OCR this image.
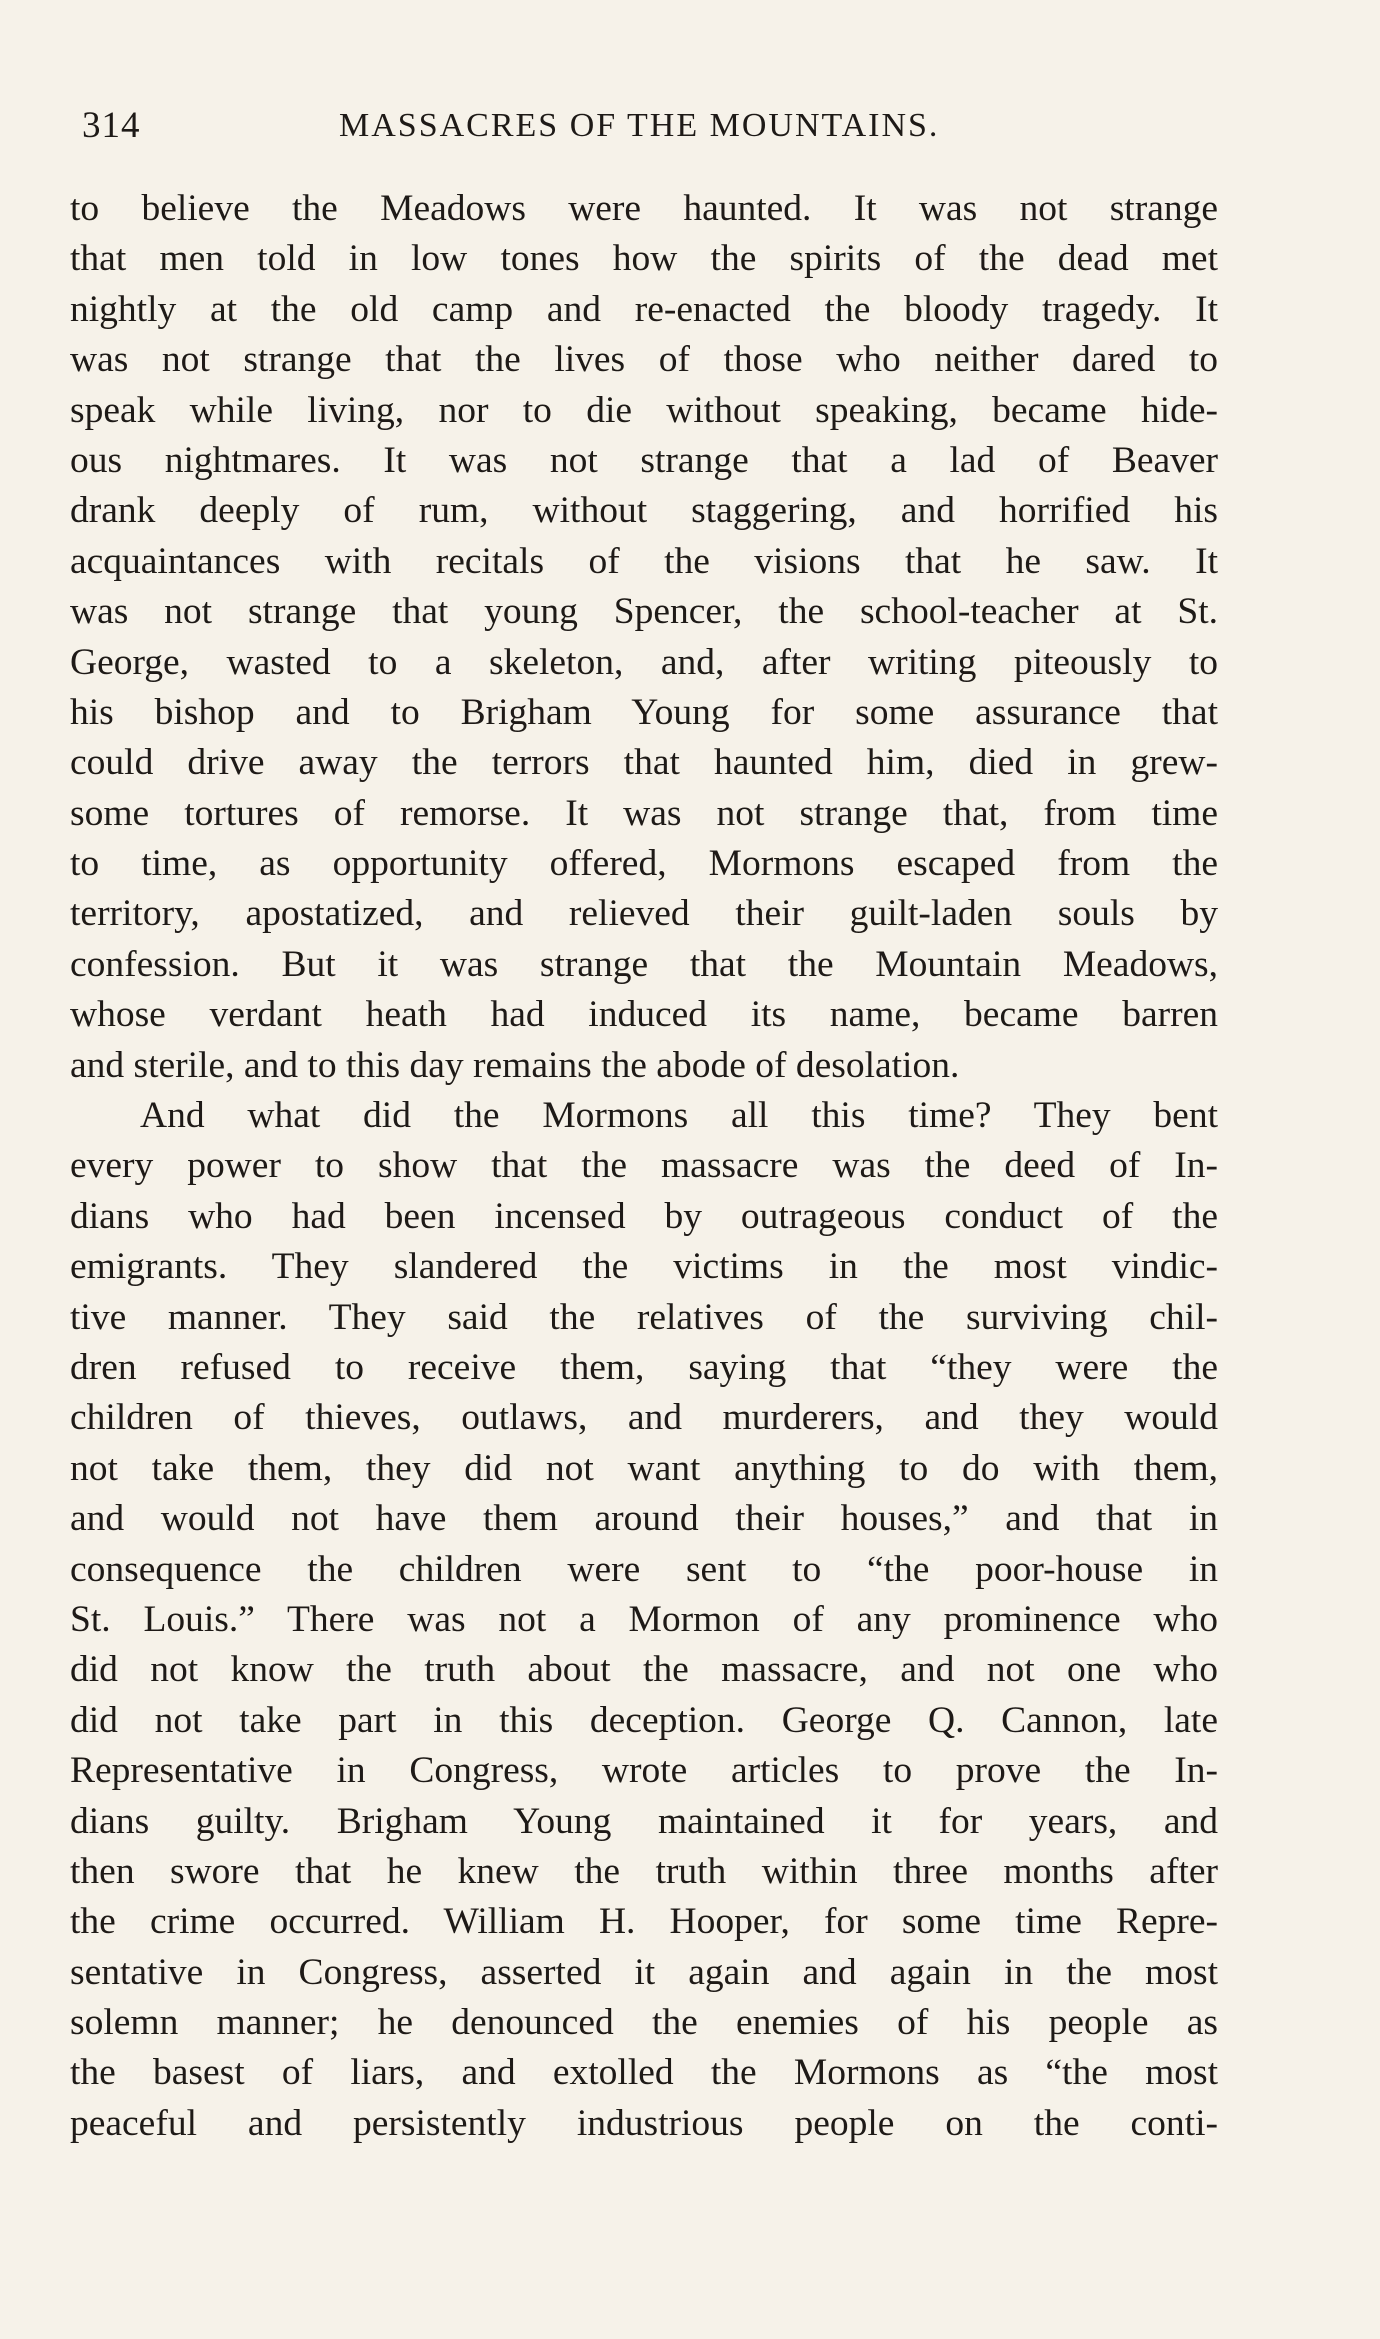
314	MASSACRES OF THE MOUNTAINS.
to believe the Meadows were haunted. It was not strange
that men told in low tones how the spirits of the dead met
nightly at the old camp and re-enacted the bloody tragedy. It
was not strange that the lives of those who neither dared to
speak while living, nor to die without speaking, became hide-
ous nightmares. It was not strange that a lad of Beaver
drank deeply of rum, without staggering, and horrified his
acquaintances with recitals of the visions that he saw. It
was not strange that young Spencer, the school-teacher at St.
George, wasted to a skeleton, and, after writing piteously to
his bishop and to Brigham Young for some assurance that
could drive away the terrors that haunted him, died in grew-
some tortures of remorse. It was not strange that, from time
to time, as opportunity offered, Mormons escaped from the
territory, apostatized, and relieved their guilt-laden souls by
confession. But it was strange that the Mountain Meadows,
whose verdant heath had induced its name, became barren
and sterile, and to this day remains the abode of desolation.
And what did the Mormons all this time? They bent
every power to show that the massacre was the deed of In-
dians who had been incensed by outrageous conduct of the
emigrants. They slandered the victims in the most vindic-
tive manner. They said the relatives of the surviving chil-
dren refused to receive them, saying that “they were the
children of thieves, outlaws, and murderers, and they would
not take them, they did not want anything to do with them,
and would not have them around their houses,” and that in
consequence the children were sent to “the poor-house in
St. Louis.” There was not a Mormon of any prominence who
did not know the truth about the massacre, and not one who
did not take part in this deception. George Q. Cannon, late
Representative in Congress, wrote articles to prove the In-
dians guilty. Brigham Young maintained it for years, and
then swore that he knew the truth within three months after
the crime occurred. William H. Hooper, for some time Repre-
sentative in Congress, asserted it again and again in the most
solemn manner; he denounced the enemies of his people as
the basest of liars, and extolled the Mormons as “the most
peaceful and persistently industrious people on the conti-
